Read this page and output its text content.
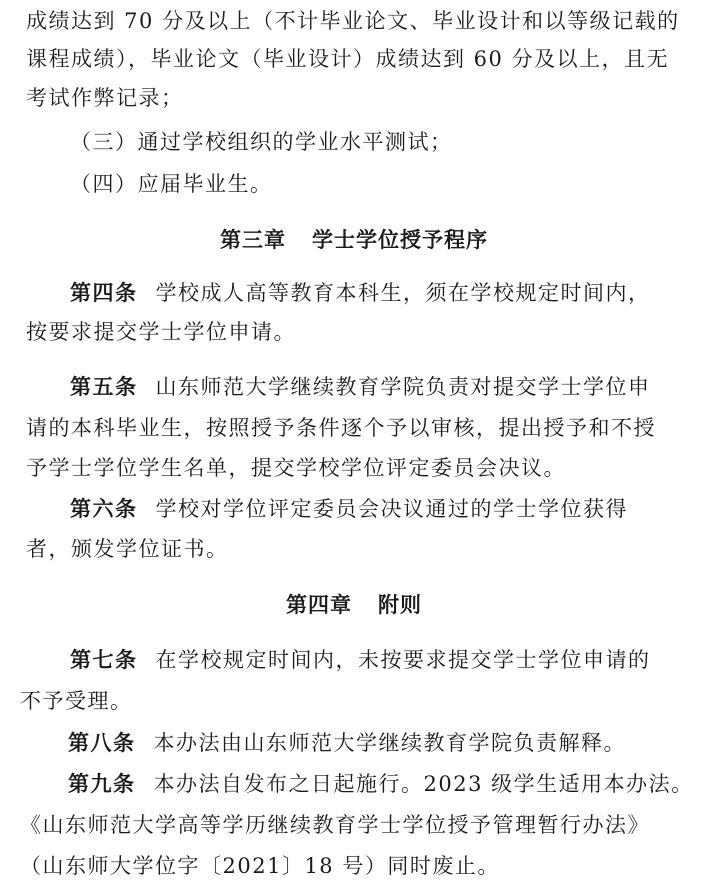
成绩达到 70 分及以上（不计毕业论文、毕业设计和以等级记载的
课程成绩），毕业论文（毕业设计）成绩达到 60 分及以上，且无
考试作弊记录；
（三）通过学校组织的学业水平测试；
（四）应届毕业生。
第三章 学士学位授予程序
第四条 学校成人高等教育本科生，须在学校规定时间内，
按要求提交学士学位申请。
第五条 山东师范大学继续教育学院负责对提交学士学位申
请的本科毕业生，按照授予条件逐个予以审核，提出授予和不授
予学士学位学生名单，提交学校学位评定委员会决议。
第六条 学校对学位评定委员会决议通过的学士学位获得
者，颁发学位证书。
第四章 附则
第七条 在学校规定时间内，未按要求提交学士学位申请的
不予受理。
第八条 本办法由山东师范大学继续教育学院负责解释。
第九条 本办法自发布之日起施行。2023 级学生适用本办法。
《山东师范大学高等学历继续教育学士学位授予管理暂行办法》
（山东师大学位字〔2021〕18 号）同时废止。
